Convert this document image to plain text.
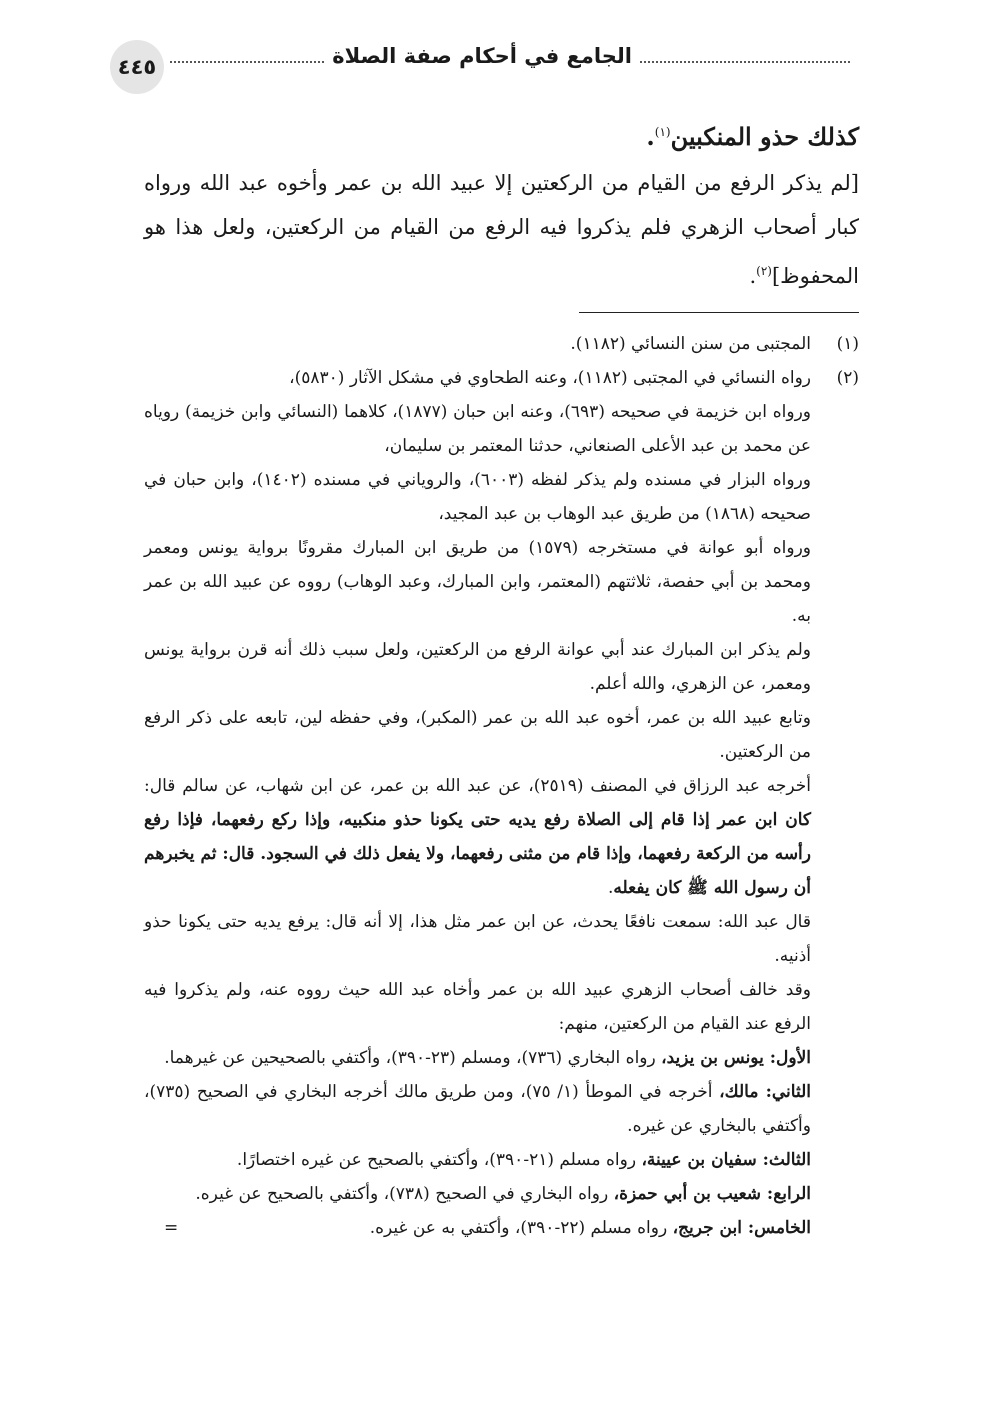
٤٤٥	الجامع في أحكام صفة الصلاة

كذلك حذو المنكبين$^{(١)}$.

[لم يذكر الرفع من القيام من الركعتين إلا عبيد الله بن عمر وأخوه عبد الله ورواه كبار أصحاب الزهري فلم يذكروا فيه الرفع من القيام من الركعتين، ولعل هذا هو المحفوظ]$^{(٢)}$.

(١)

المجتبى من سنن النسائي (١١٨٢).

(٢)

رواه النسائي في المجتبى (١١٨٢)، وعنه الطحاوي في مشكل الآثار (٥٨٣٠)،

ورواه ابن خزيمة في صحيحه (٦٩٣)، وعنه ابن حبان (١٨٧٧)، كلاهما (النسائي وابن خزيمة) روياه عن محمد بن عبد الأعلى الصنعاني، حدثنا المعتمر بن سليمان،

ورواه البزار في مسنده ولم يذكر لفظه (٦٠٠٣)، والروياني في مسنده (١٤٠٢)، وابن حبان في صحيحه (١٨٦٨) من طريق عبد الوهاب بن عبد المجيد،

ورواه أبو عوانة في مستخرجه (١٥٧٩) من طريق ابن المبارك مقرونًا برواية يونس ومعمر ومحمد بن أبي حفصة، ثلاثتهم (المعتمر، وابن المبارك، وعبد الوهاب) رووه عن عبيد الله بن عمر به.

ولم يذكر ابن المبارك عند أبي عوانة الرفع من الركعتين، ولعل سبب ذلك أنه قرن برواية يونس ومعمر، عن الزهري، والله أعلم.

وتابع عبيد الله بن عمر، أخوه عبد الله بن عمر (المكبر)، وفي حفظه لين، تابعه على ذكر الرفع من الركعتين.

أخرجه عبد الرزاق في المصنف (٢٥١٩)، عن عبد الله بن عمر، عن ابن شهاب، عن سالم قال: كان ابن عمر إذا قام إلى الصلاة رفع يديه حتى يكونا حذو منكبيه، وإذا ركع رفعهما، فإذا رفع رأسه من الركعة رفعهما، وإذا قام من مثنى رفعهما، ولا يفعل ذلك في السجود. قال: ثم يخبرهم أن رسول الله ﷺ كان يفعله.

قال عبد الله: سمعت نافعًا يحدث، عن ابن عمر مثل هذا، إلا أنه قال: يرفع يديه حتى يكونا حذو أذنيه.

وقد خالف أصحاب الزهري عبيد الله بن عمر وأخاه عبد الله حيث رووه عنه، ولم يذكروا فيه الرفع عند القيام من الركعتين، منهم:

الأول: يونس بن يزيد، رواه البخاري (٧٣٦)، ومسلم (٢٣-٣٩٠)، وأكتفي بالصحيحين عن غيرهما.

الثاني: مالك، أخرجه في الموطأ (١/ ٧٥)، ومن طريق مالك أخرجه البخاري في الصحيح (٧٣٥)، وأكتفي بالبخاري عن غيره.

الثالث: سفيان بن عيينة، رواه مسلم (٢١-٣٩٠)، وأكتفي بالصحيح عن غيره اختصارًا.

الرابع: شعيب بن أبي حمزة، رواه البخاري في الصحيح (٧٣٨)، وأكتفي بالصحيح عن غيره.

الخامس: ابن جريج، رواه مسلم (٢٢-٣٩٠)، وأكتفي به عن غيره.
=
